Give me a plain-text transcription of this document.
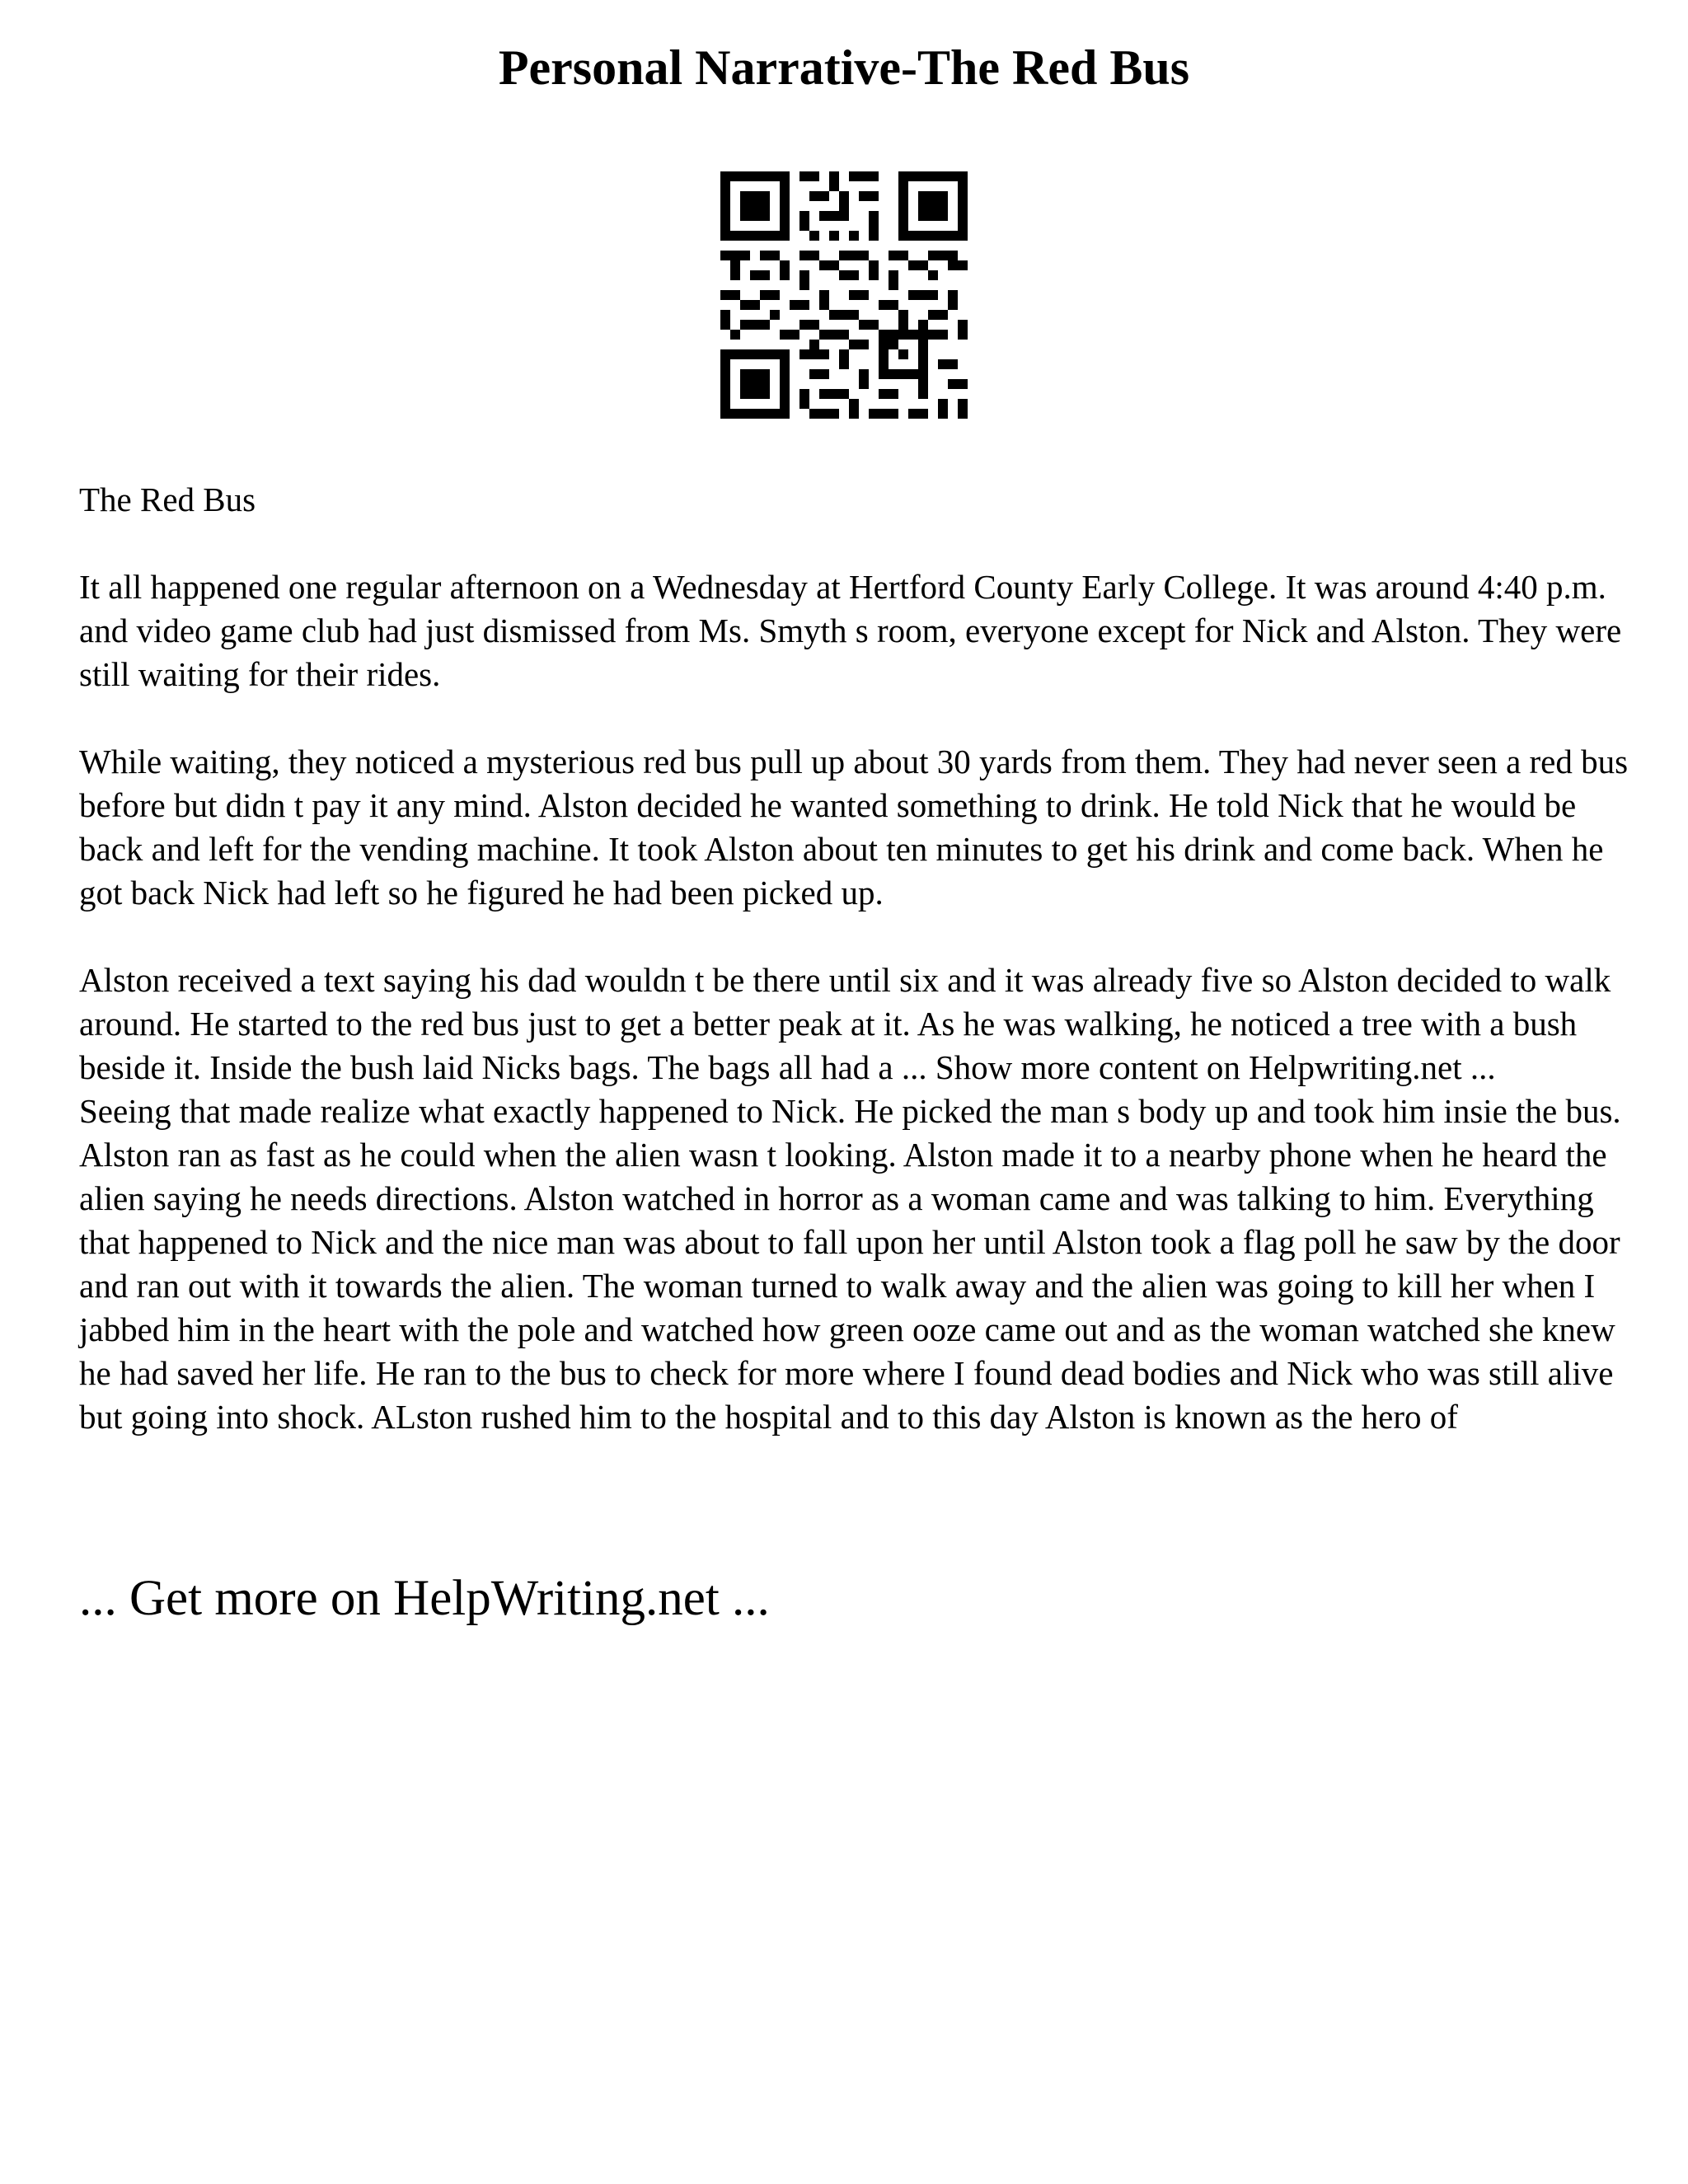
Personal Narrative-The Red Bus

The Red Bus

It all happened one regular afternoon on a Wednesday at Hertford County Early College. It was around 4:40 p.m. and video game club had just dismissed from Ms. Smyth s room, everyone except for Nick and Alston. They were still waiting for their rides.

While waiting, they noticed a mysterious red bus pull up about 30 yards from them. They had never seen a red bus before but didn t pay it any mind. Alston decided he wanted something to drink. He told Nick that he would be back and left for the vending machine. It took Alston about ten minutes to get his drink and come back. When he got back Nick had left so he figured he had been picked up.

Alston received a text saying his dad wouldn t be there until six and it was already five so Alston decided to walk around. He started to the red bus just to get a better peak at it. As he was walking, he noticed a tree with a bush beside it. Inside the bush laid Nicks bags. The bags all had a ... Show more content on Helpwriting.net ...

Seeing that made realize what exactly happened to Nick. He picked the man s body up and took him insie the bus. Alston ran as fast as he could when the alien wasn t looking. Alston made it to a nearby phone when he heard the alien saying he needs directions. Alston watched in horror as a woman came and was talking to him. Everything that happened to Nick and the nice man was about to fall upon her until Alston took a flag poll he saw by the door and ran out with it towards the alien. The woman turned to walk away and the alien was going to kill her when I jabbed him in the heart with the pole and watched how green ooze came out and as the woman watched she knew he had saved her life. He ran to the bus to check for more where I found dead bodies and Nick who was still alive but going into shock. ALston rushed him to the hospital and to this day Alston is known as the hero of

... Get more on HelpWriting.net ...
